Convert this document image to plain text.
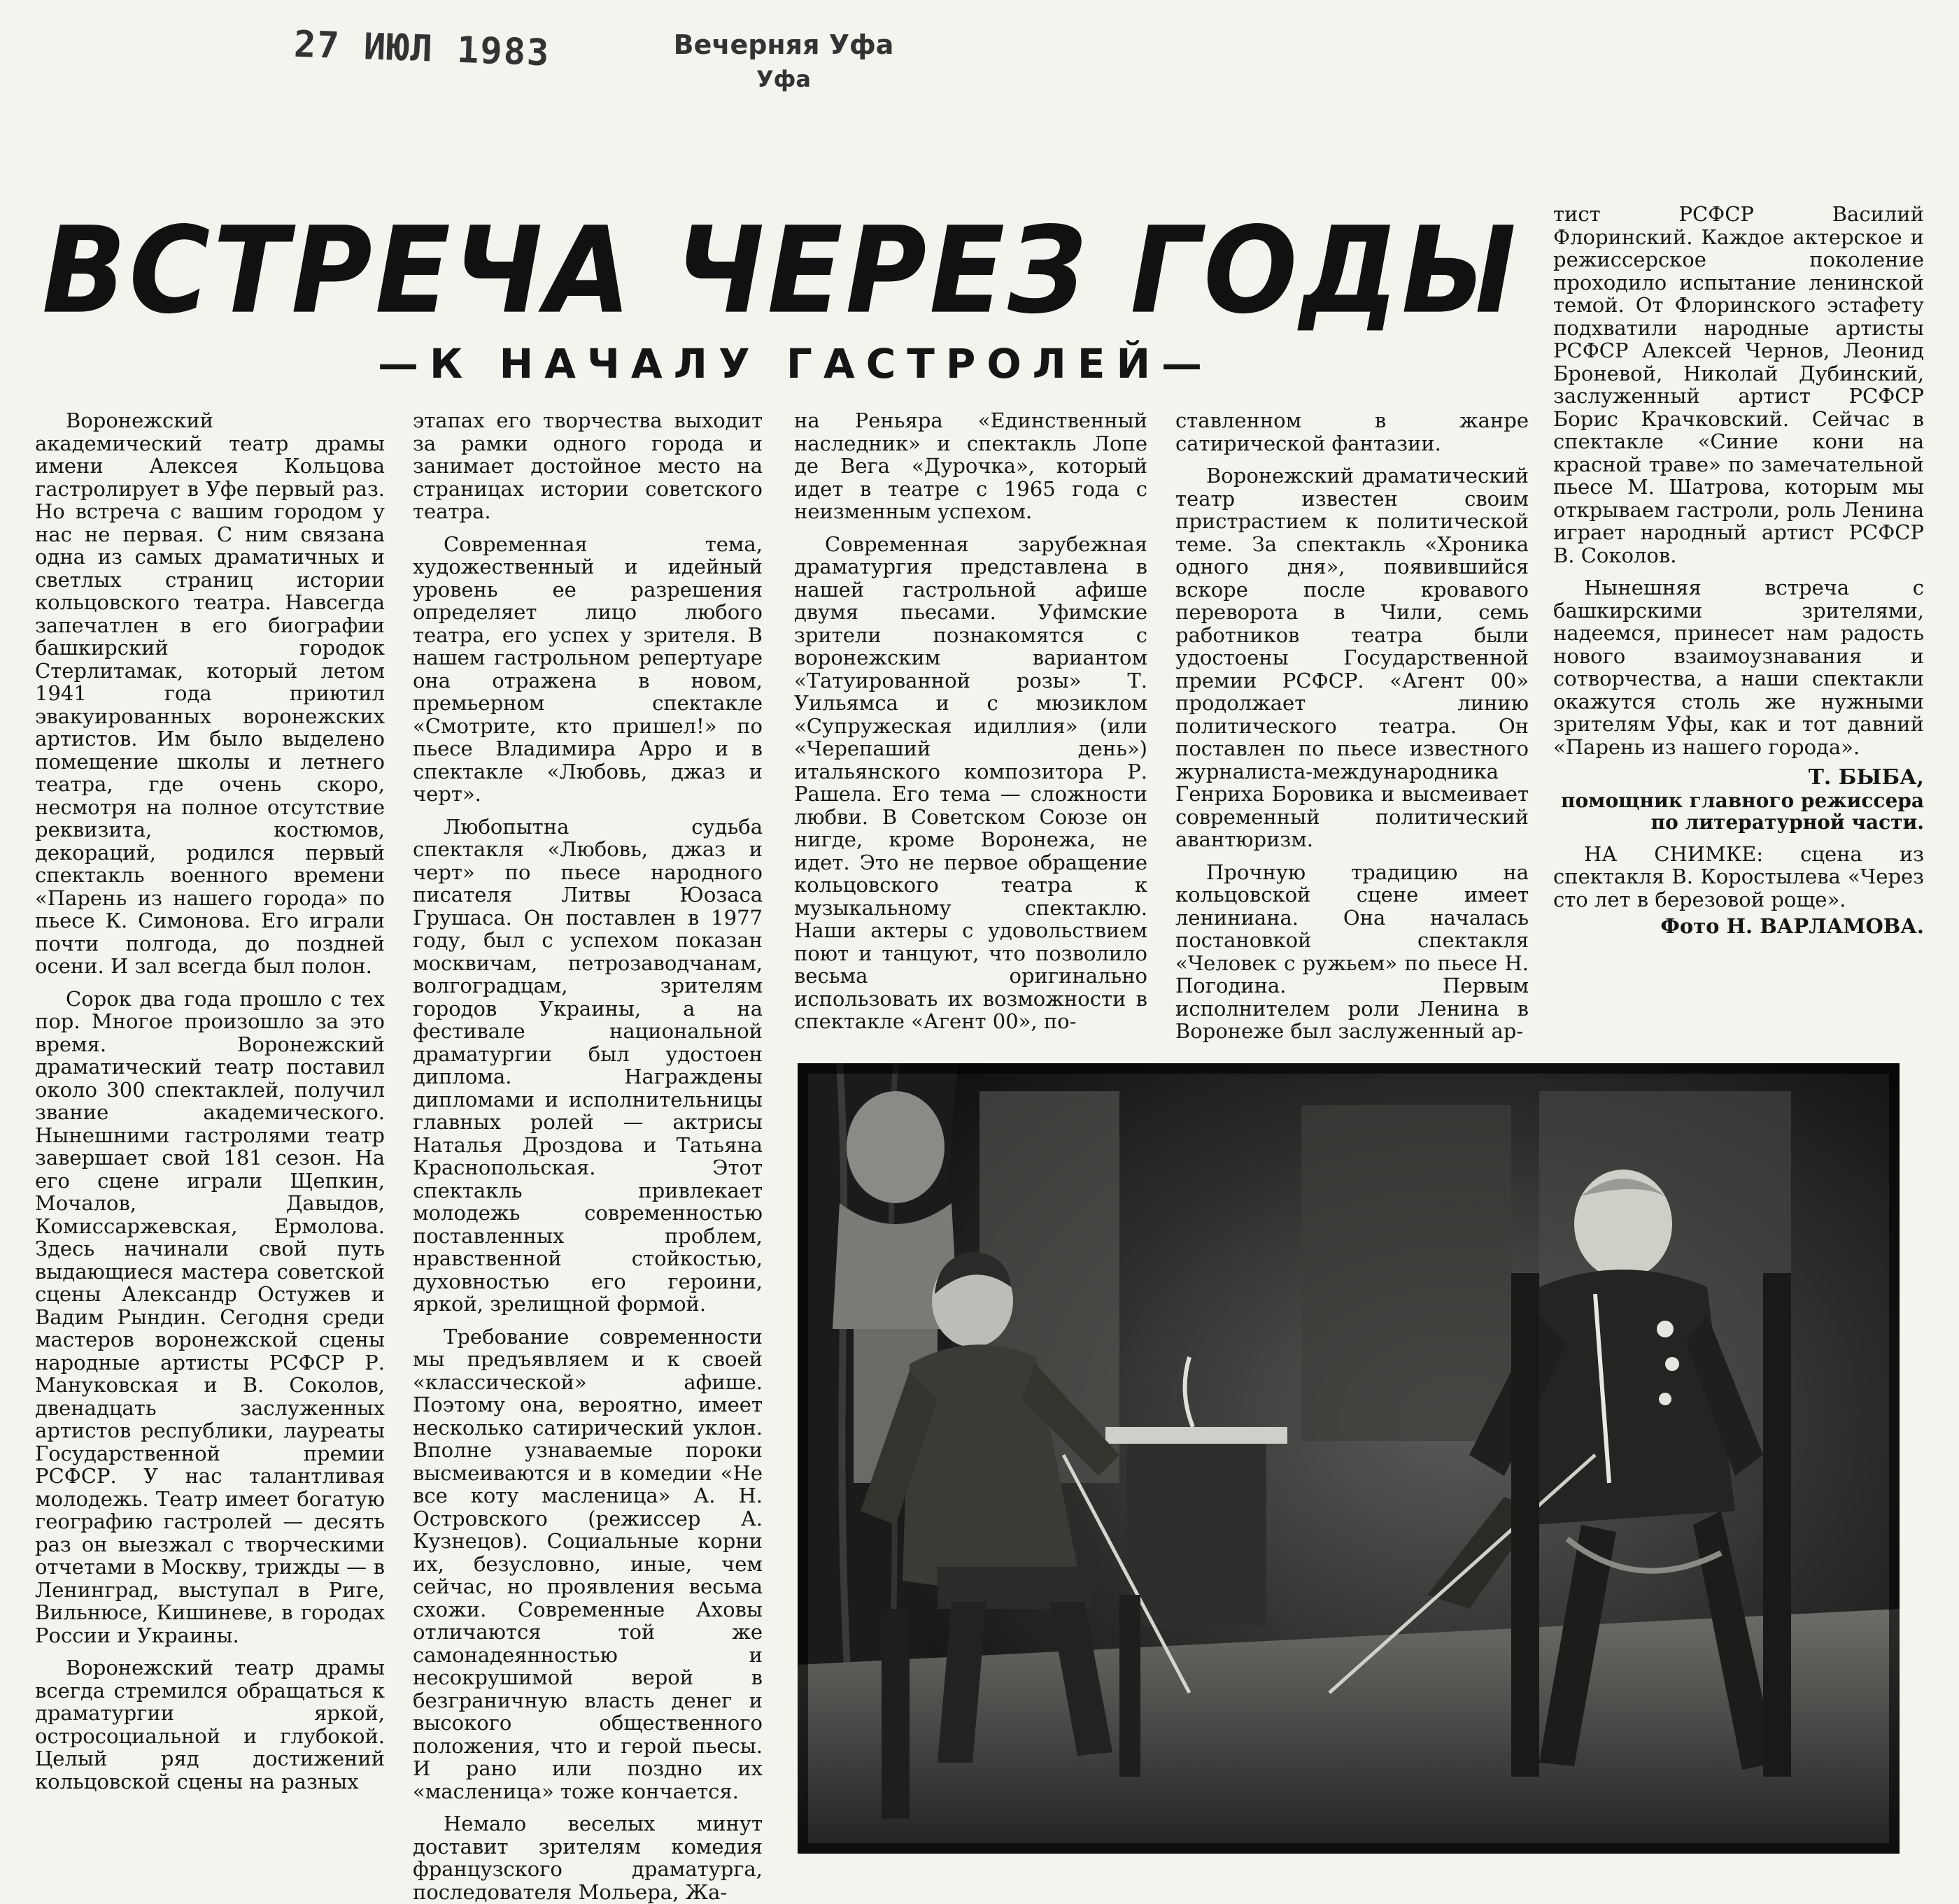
27 ИЮЛ 1983	Вечерняя Уфа
Уфа
ВСТРЕЧА ЧЕРЕЗ ГОДЫ
—К НАЧАЛУ ГАСТРОЛЕЙ—

Воронежский академический театр драмы имени Алексея Кольцова гастролирует в Уфе первый раз. Но встреча с вашим городом у нас не первая. С ним связана одна из самых драматичных и светлых страниц истории кольцовского театра. Навсегда запечатлен в его биографии башкирский городок Стерлитамак, который летом 1941 года приютил эвакуированных воронежских артистов. Им было выделено помещение школы и летнего театра, где очень скоро, несмотря на полное отсутствие реквизита, костюмов, декораций, родился первый спектакль военного времени «Парень из нашего города» по пьесе К. Симонова. Его играли почти полгода, до поздней осени. И зал всегда был полон.

Сорок два года прошло с тех пор. Многое произошло за это время. Воронежский драматический театр поставил около 300 спектаклей, получил звание академического. Нынешними гастролями театр завершает свой 181 сезон. На его сцене играли Щепкин, Мочалов, Давыдов, Комиссаржевская, Ермолова. Здесь начинали свой путь выдающиеся мастера советской сцены Александр Остужев и Вадим Рындин. Сегодня среди мастеров воронежской сцены народные артисты РСФСР Р. Мануковская и В. Соколов, двенадцать заслуженных артистов республики, лауреаты Государственной премии РСФСР. У нас талантливая молодежь. Театр имеет богатую географию гастролей — десять раз он выезжал с творческими отчетами в Москву, трижды — в Ленинград, выступал в Риге, Вильнюсе, Кишиневе, в городах России и Украины.

Воронежский театр драмы всегда стремился обращаться к драматургии яркой, остросоциальной и глубокой. Целый ряд достижений кольцовской сцены на разных

этапах его творчества выходит за рамки одного города и занимает достойное место на страницах истории советского театра.

Современная тема, художественный и идейный уровень ее разрешения определяет лицо любого театра, его успех у зрителя. В нашем гастрольном репертуаре она отражена в новом, премьерном спектакле «Смотрите, кто пришел!» по пьесе Владимира Арро и в спектакле «Любовь, джаз и черт».

Любопытна судьба спектакля «Любовь, джаз и черт» по пьесе народного писателя Литвы Юозаса Грушаса. Он поставлен в 1977 году, был с успехом показан москвичам, петрозаводчанам, волгоградцам, зрителям городов Украины, а на фестивале национальной драматургии был удостоен диплома. Награждены дипломами и исполнительницы главных ролей — актрисы Наталья Дроздова и Татьяна Краснопольская. Этот спектакль привлекает молодежь современностью поставленных проблем, нравственной стойкостью, духовностью его героини, яркой, зрелищной формой.

Требование современности мы предъявляем и к своей «классической» афише. Поэтому она, вероятно, имеет несколько сатирический уклон. Вполне узнаваемые пороки высмеиваются и в комедии «Не все коту масленица» А. Н. Островского (режиссер А. Кузнецов). Социальные корни их, безусловно, иные, чем сейчас, но проявления весьма схожи. Современные Аховы отличаются той же самонадеянностью и несокрушимой верой в безграничную власть денег и высокого общественного положения, что и герой пьесы. И рано или поздно их «масленица» тоже кончается.

Немало веселых минут доставит зрителям комедия французского драматурга, последователя Мольера, Жа-

на Реньяра «Единственный наследник» и спектакль Лопе де Вега «Дурочка», который идет в театре с 1965 года с неизменным успехом.

Современная зарубежная драматургия представлена в нашей гастрольной афише двумя пьесами. Уфимские зрители познакомятся с воронежским вариантом «Татуированной розы» Т. Уильямса и с мюзиклом «Супружеская идиллия» (или «Черепаший день») итальянского композитора Р. Рашела. Его тема — сложности любви. В Советском Союзе он нигде, кроме Воронежа, не идет. Это не первое обращение кольцовского театра к музыкальному спектаклю. Наши актеры с удовольствием поют и танцуют, что позволило весьма оригинально использовать их возможности в спектакле «Агент 00», по-

ставленном в жанре сатирической фантазии.

Воронежский драматический театр известен своим пристрастием к политической теме. За спектакль «Хроника одного дня», появившийся вскоре после кровавого переворота в Чили, семь работников театра были удостоены Государственной премии РСФСР. «Агент 00» продолжает линию политического театра. Он поставлен по пьесе известного журналиста-международника Генриха Боровика и высмеивает современный политический авантюризм.

Прочную традицию на кольцовской сцене имеет лениниана. Она началась постановкой спектакля «Человек с ружьем» по пьесе Н. Погодина. Первым исполнителем роли Ленина в Воронеже был заслуженный ар-

тист РСФСР Василий Флоринский. Каждое актерское и режиссерское поколение проходило испытание ленинской темой. От Флоринского эстафету подхватили народные артисты РСФСР Алексей Чернов, Леонид Броневой, Николай Дубинский, заслуженный артист РСФСР Борис Крачковский. Сейчас в спектакле «Синие кони на красной траве» по замечательной пьесе М. Шатрова, которым мы открываем гастроли, роль Ленина играет народный артист РСФСР В. Соколов.

Нынешняя встреча с башкирскими зрителями, надеемся, принесет нам радость нового взаимоузнавания и сотворчества, а наши спектакли окажутся столь же нужными зрителям Уфы, как и тот давний «Парень из нашего города».

Т. БЫБА,
помощник главного режиссера по литературной части.

НА СНИМКЕ: сцена из спектакля В. Коростылева «Через сто лет в березовой роще».

Фото Н. ВАРЛАМОВА.
